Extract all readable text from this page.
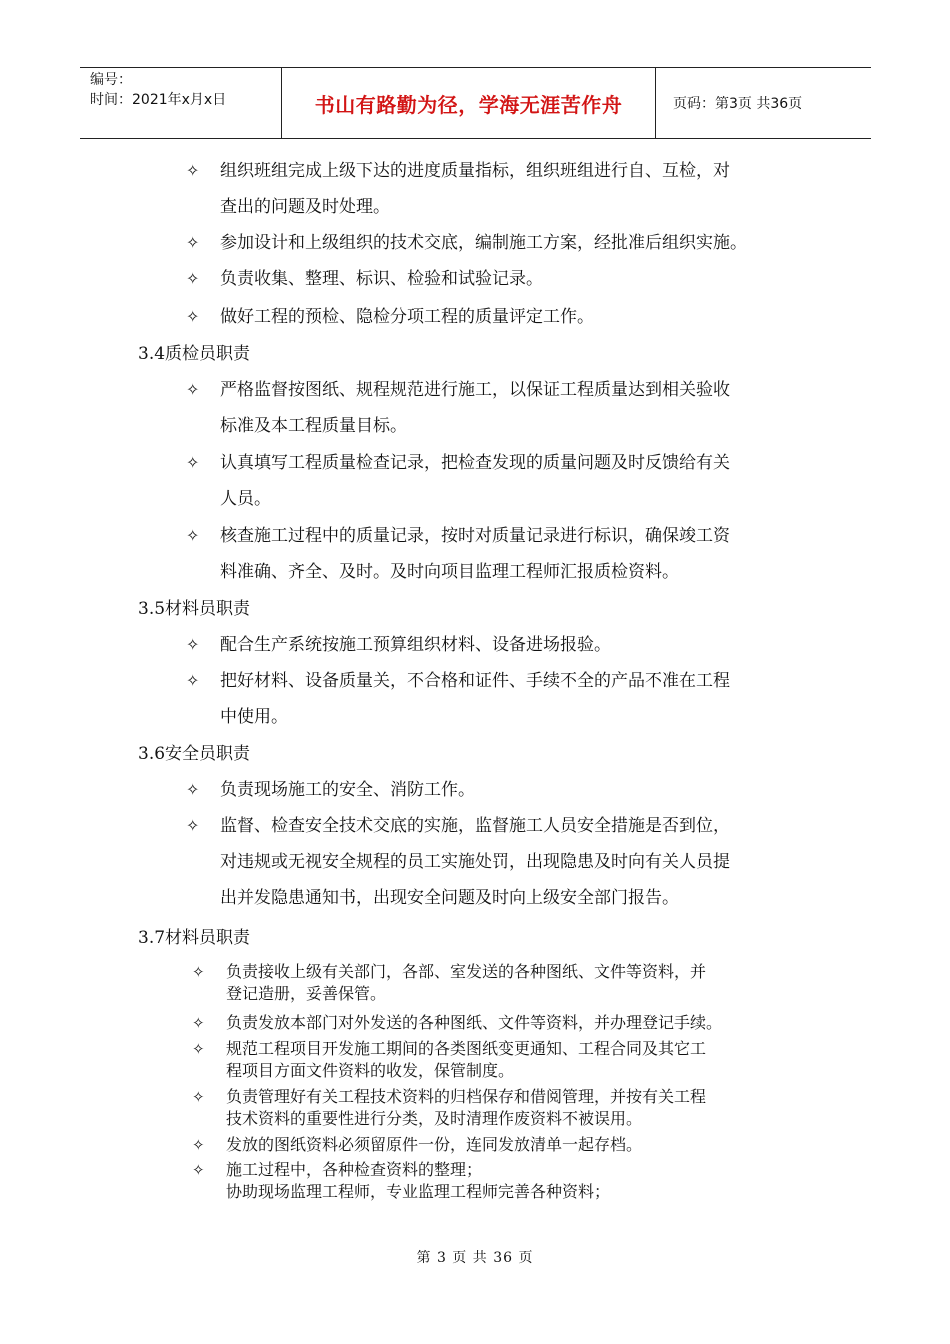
编号：
时间：2021年x月x日	书山有路勤为径，学海无涯苦作舟	页码：第3页 共36页
✧	组织班组完成上级下达的进度质量指标，组织班组进行自、互检，对
查出的问题及时处理。
✧	参加设计和上级组织的技术交底，编制施工方案，经批准后组织实施。
✧	负责收集、整理、标识、检验和试验记录。
✧	做好工程的预检、隐检分项工程的质量评定工作。
3.4质检员职责
✧	严格监督按图纸、规程规范进行施工，以保证工程质量达到相关验收
标准及本工程质量目标。
✧	认真填写工程质量检查记录，把检查发现的质量问题及时反馈给有关
人员。
✧	核查施工过程中的质量记录，按时对质量记录进行标识，确保竣工资
料准确、齐全、及时。及时向项目监理工程师汇报质检资料。
3.5材料员职责
✧	配合生产系统按施工预算组织材料、设备进场报验。
✧	把好材料、设备质量关，不合格和证件、手续不全的产品不准在工程
中使用。
3.6安全员职责
✧	负责现场施工的安全、消防工作。
✧	监督、检查安全技术交底的实施，监督施工人员安全措施是否到位，
对违规或无视安全规程的员工实施处罚，出现隐患及时向有关人员提
出并发隐患通知书，出现安全问题及时向上级安全部门报告。
3.7材料员职责
✧ 负责接收上级有关部门，各部、室发送的各种图纸、文件等资料，并
登记造册，妥善保管。
✧ 负责发放本部门对外发送的各种图纸、文件等资料，并办理登记手续。
✧ 规范工程项目开发施工期间的各类图纸变更通知、工程合同及其它工
程项目方面文件资料的收发，保管制度。
✧ 负责管理好有关工程技术资料的归档保存和借阅管理，并按有关工程
技术资料的重要性进行分类，及时清理作废资料不被误用。
✧ 发放的图纸资料必须留原件一份，连同发放清单一起存档。
✧ 施工过程中，各种检查资料的整理；
协助现场监理工程师，专业监理工程师完善各种资料；
第 3 页 共 36 页
